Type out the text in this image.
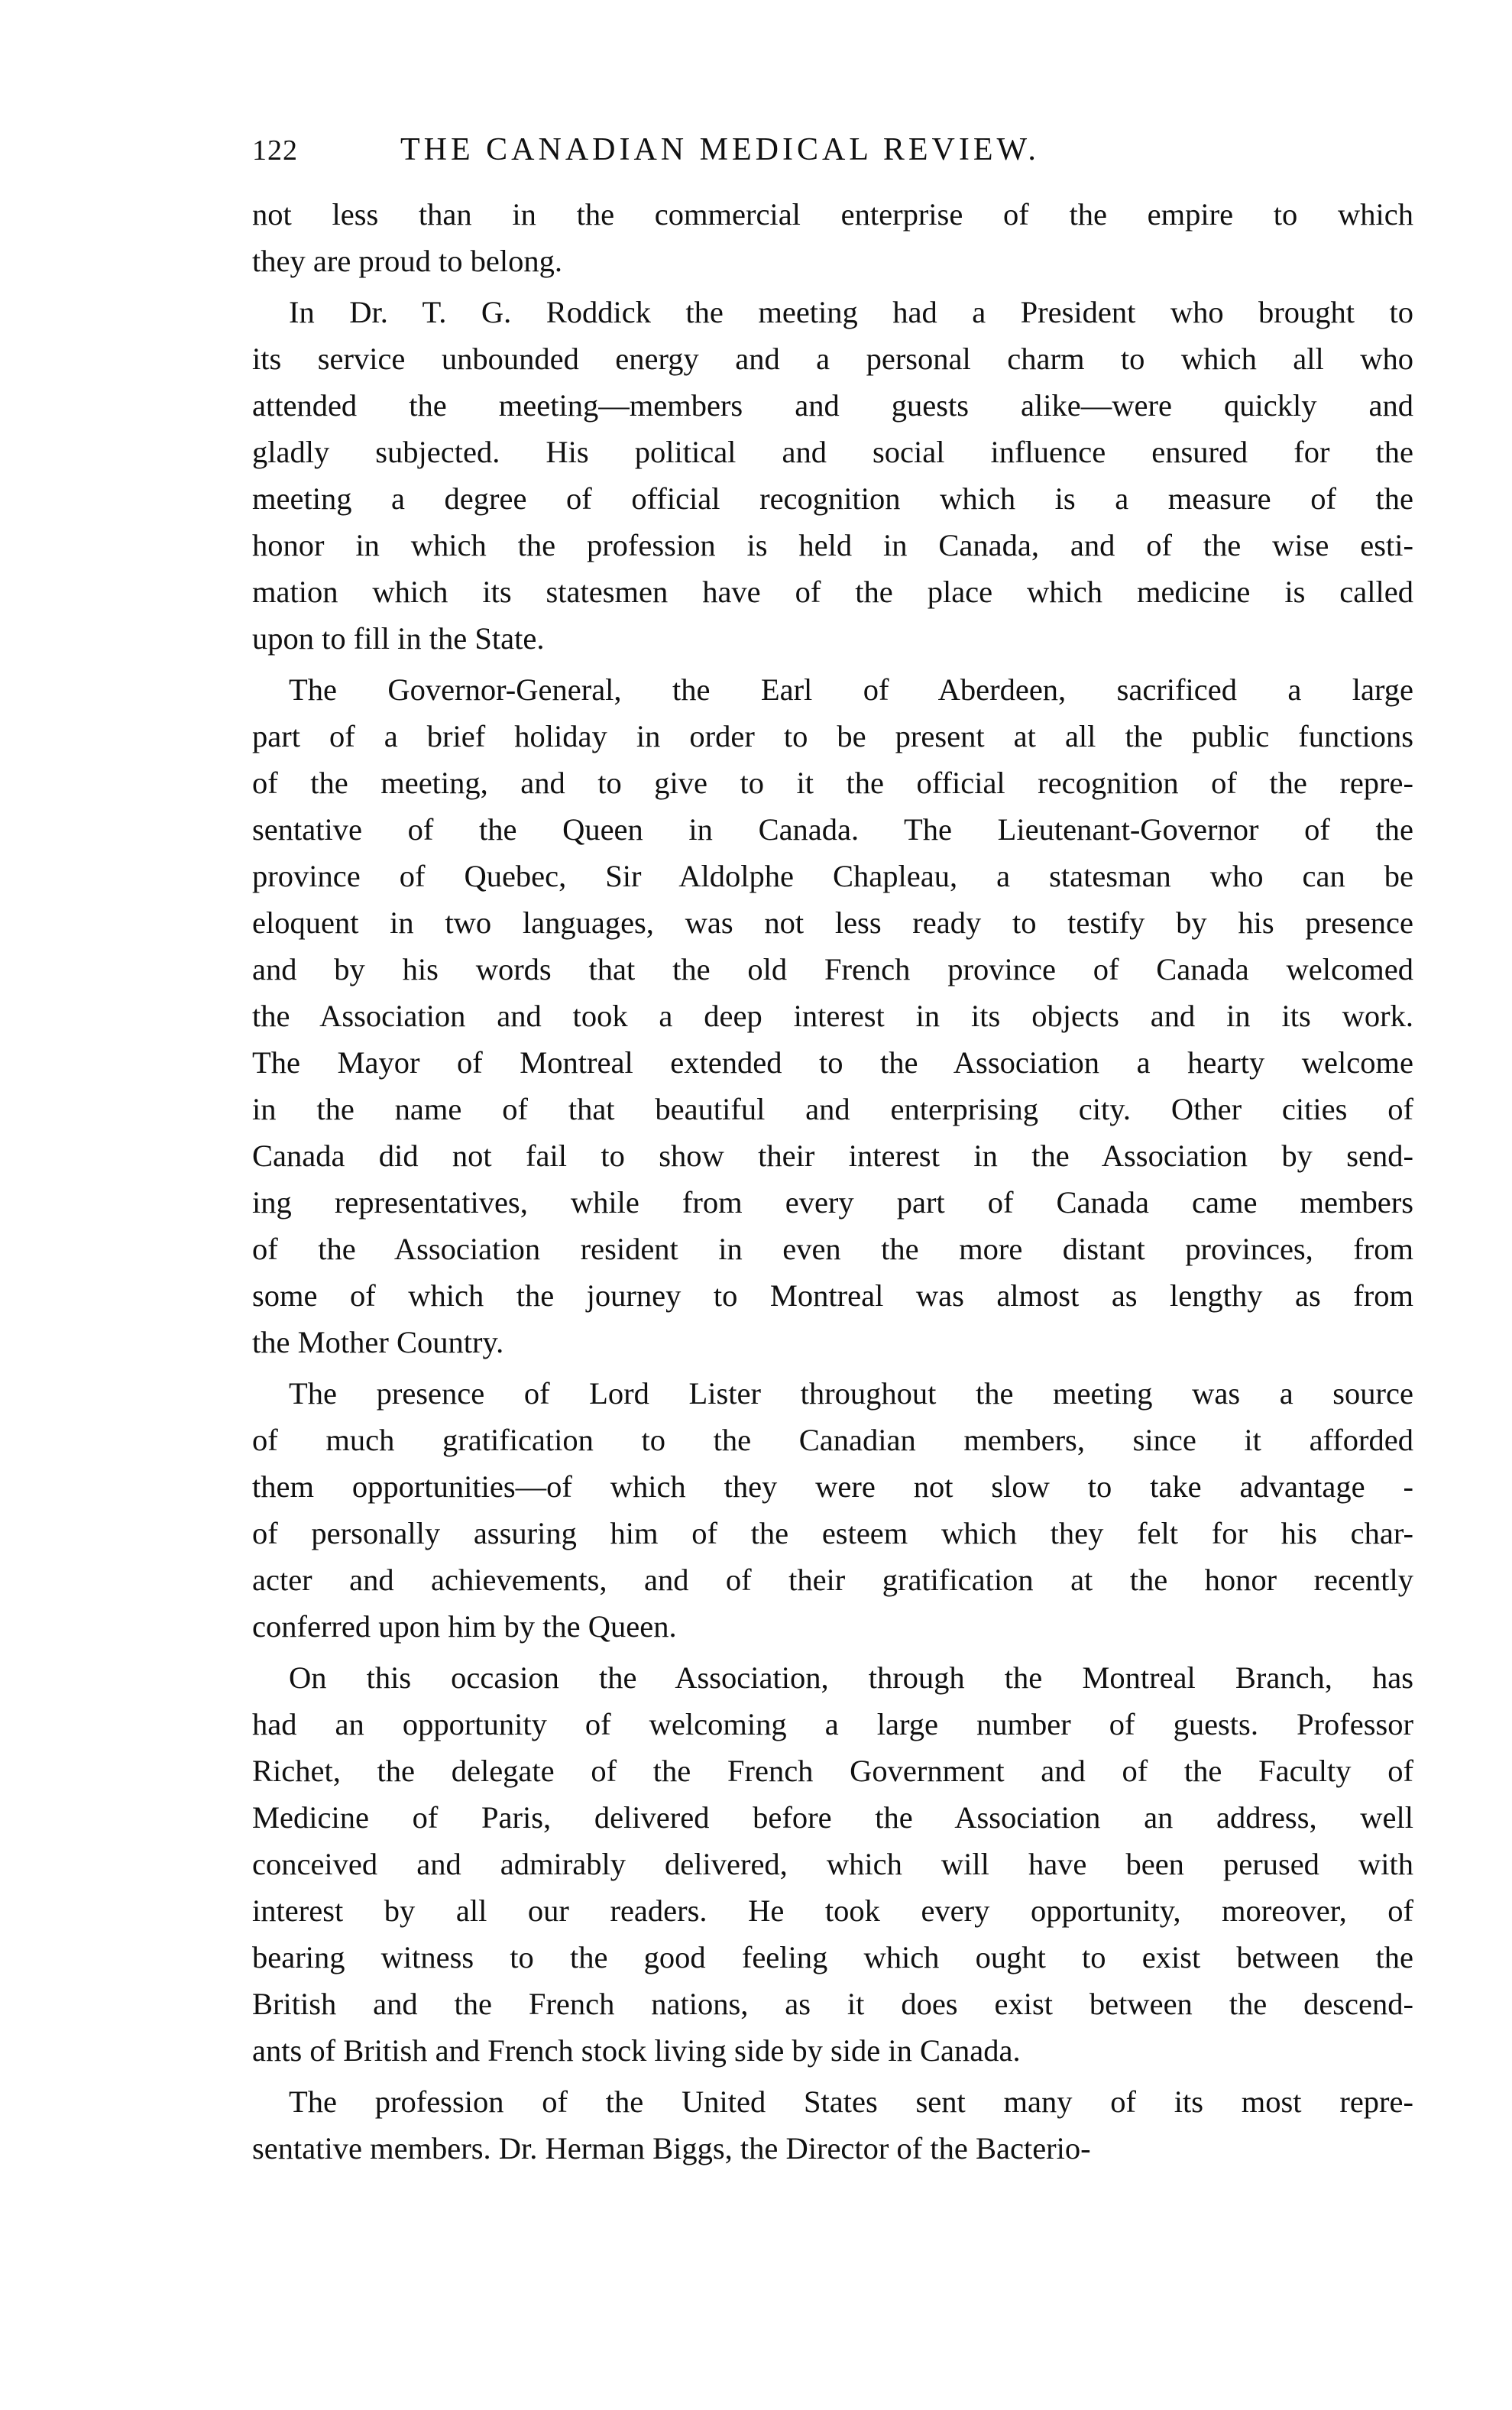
122	THE CANADIAN MEDICAL REVIEW.

not less than in the commercial enterprise of the empire to which
they are proud to belong.

In Dr. T. G. Roddick the meeting had a President who brought to
its service unbounded energy and a personal charm to which all who
attended the meeting—members and guests alike—were quickly and
gladly subjected. His political and social influence ensured for the
meeting a degree of official recognition which is a measure of the
honor in which the profession is held in Canada, and of the wise esti-
mation which its statesmen have of the place which medicine is called
upon to fill in the State.

The Governor-General, the Earl of Aberdeen, sacrificed a large
part of a brief holiday in order to be present at all the public functions
of the meeting, and to give to it the official recognition of the repre-
sentative of the Queen in Canada. The Lieutenant-Governor of the
province of Quebec, Sir Aldolphe Chapleau, a statesman who can be
eloquent in two languages, was not less ready to testify by his presence
and by his words that the old French province of Canada welcomed
the Association and took a deep interest in its objects and in its work.
The Mayor of Montreal extended to the Association a hearty welcome
in the name of that beautiful and enterprising city. Other cities of
Canada did not fail to show their interest in the Association by send-
ing representatives, while from every part of Canada came members
of the Association resident in even the more distant provinces, from
some of which the journey to Montreal was almost as lengthy as from
the Mother Country.

The presence of Lord Lister throughout the meeting was a source
of much gratification to the Canadian members, since it afforded
them opportunities—of which they were not slow to take advantage -
of personally assuring him of the esteem which they felt for his char-
acter and achievements, and of their gratification at the honor recently
conferred upon him by the Queen.

On this occasion the Association, through the Montreal Branch, has
had an opportunity of welcoming a large number of guests. Professor
Richet, the delegate of the French Government and of the Faculty of
Medicine of Paris, delivered before the Association an address, well
conceived and admirably delivered, which will have been perused with
interest by all our readers. He took every opportunity, moreover, of
bearing witness to the good feeling which ought to exist between the
British and the French nations, as it does exist between the descend-
ants of British and French stock living side by side in Canada.

The profession of the United States sent many of its most repre-
sentative members. Dr. Herman Biggs, the Director of the Bacterio-
